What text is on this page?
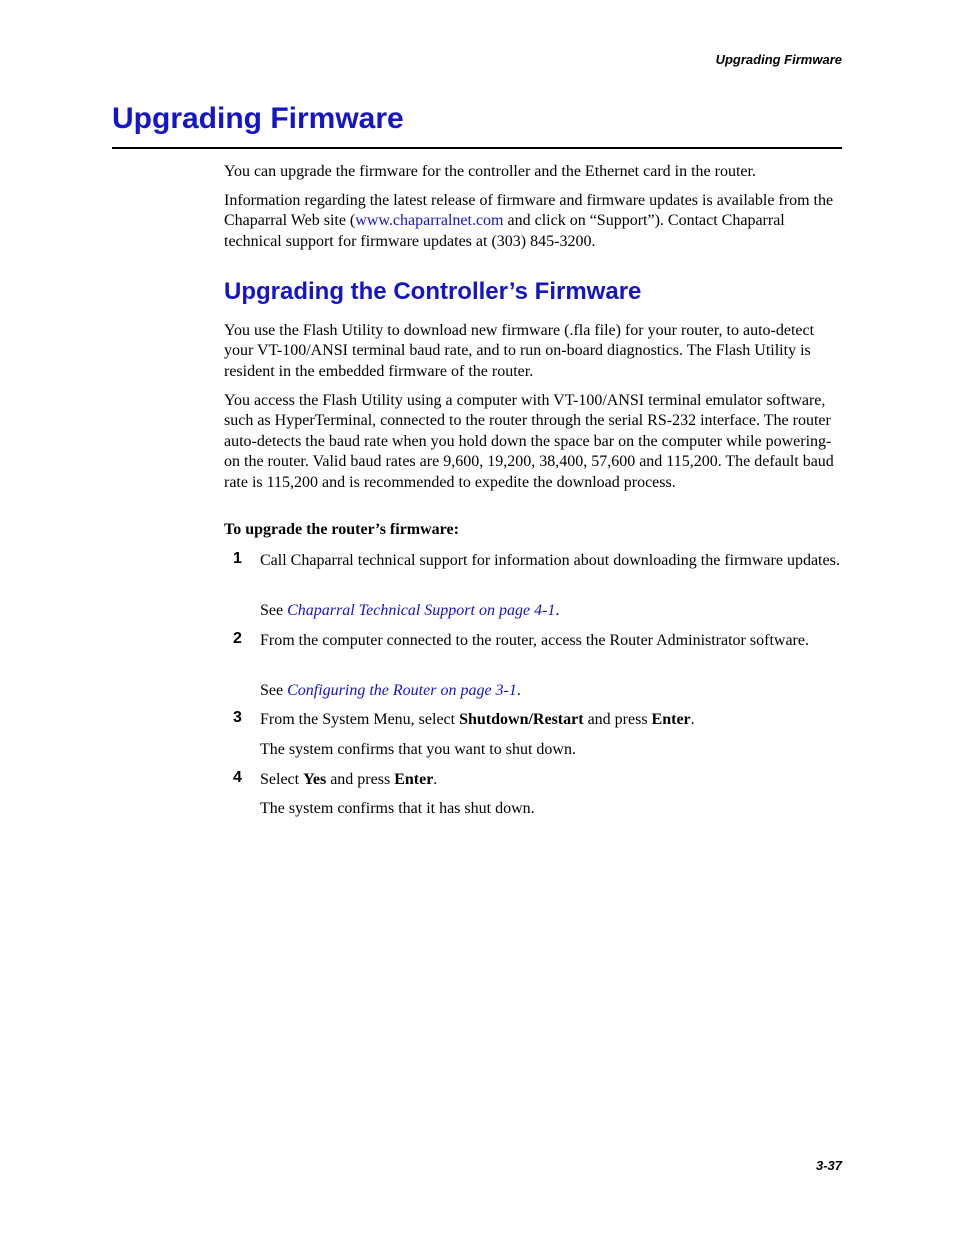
Upgrading Firmware
Upgrading Firmware

You can upgrade the firmware for the controller and the Ethernet card in the router.

Information regarding the latest release of firmware and firmware updates is available from the Chaparral Web site (www.chaparralnet.com and click on “Support”). Contact Chaparral technical support for firmware updates at (303) 845-3200.

Upgrading the Controller’s Firmware

You use the Flash Utility to download new firmware (.fla file) for your router, to auto-detect your VT-100/ANSI terminal baud rate, and to run on-board diagnostics. The Flash Utility is resident in the embedded firmware of the router.

You access the Flash Utility using a computer with VT-100/ANSI terminal emulator software, such as HyperTerminal, connected to the router through the serial RS-232 interface. The router auto-detects the baud rate when you hold down the space bar on the computer while powering-on the router. Valid baud rates are 9,600, 19,200, 38,400, 57,600 and 115,200. The default baud rate is 115,200 and is recommended to expedite the download process.

To upgrade the router’s firmware:
1 Call Chaparral technical support for information about downloading the firmware updates.
See Chaparral Technical Support on page 4-1.
2 From the computer connected to the router, access the Router Administrator software.
See Configuring the Router on page 3-1.
3 From the System Menu, select Shutdown/Restart and press Enter.
The system confirms that you want to shut down.
4 Select Yes and press Enter.
The system confirms that it has shut down.
3-37
